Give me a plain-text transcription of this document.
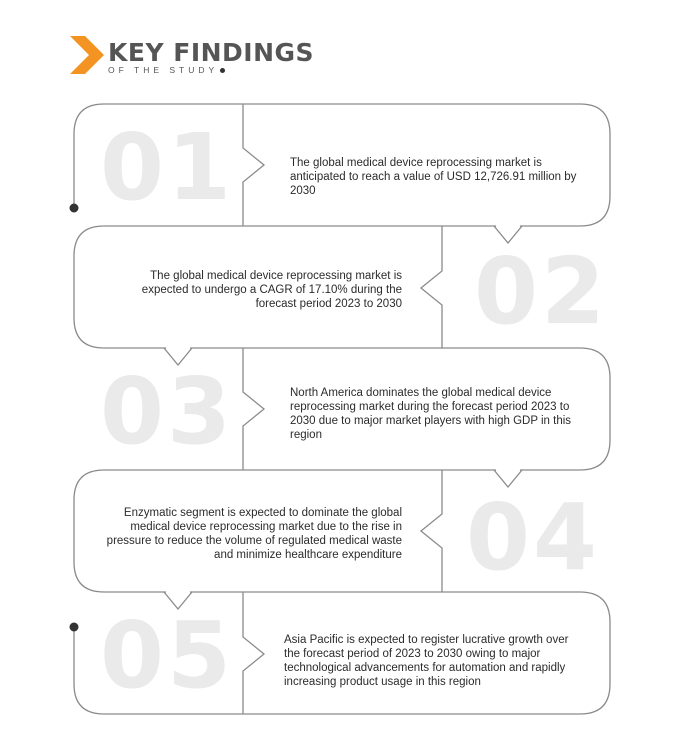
KEY FINDINGS
OF THE STUDY
01	The global medical device reprocessing market is anticipated to reach a value of USD 12,726.91 million by 2030
02
The global medical device reprocessing market is expected to undergo a CAGR of 17.10% during the forecast period 2023 to 2030
03	North America dominates the global medical device reprocessing market during the forecast period 2023 to 2030 due to major market players with high GDP in this region
04
Enzymatic segment is expected to dominate the global medical device reprocessing market due to the rise in pressure to reduce the volume of regulated medical waste and minimize healthcare expenditure
05	Asia Pacific is expected to register lucrative growth over the forecast period of 2023 to 2030 owing to major technological advancements for automation and rapidly increasing product usage in this region
